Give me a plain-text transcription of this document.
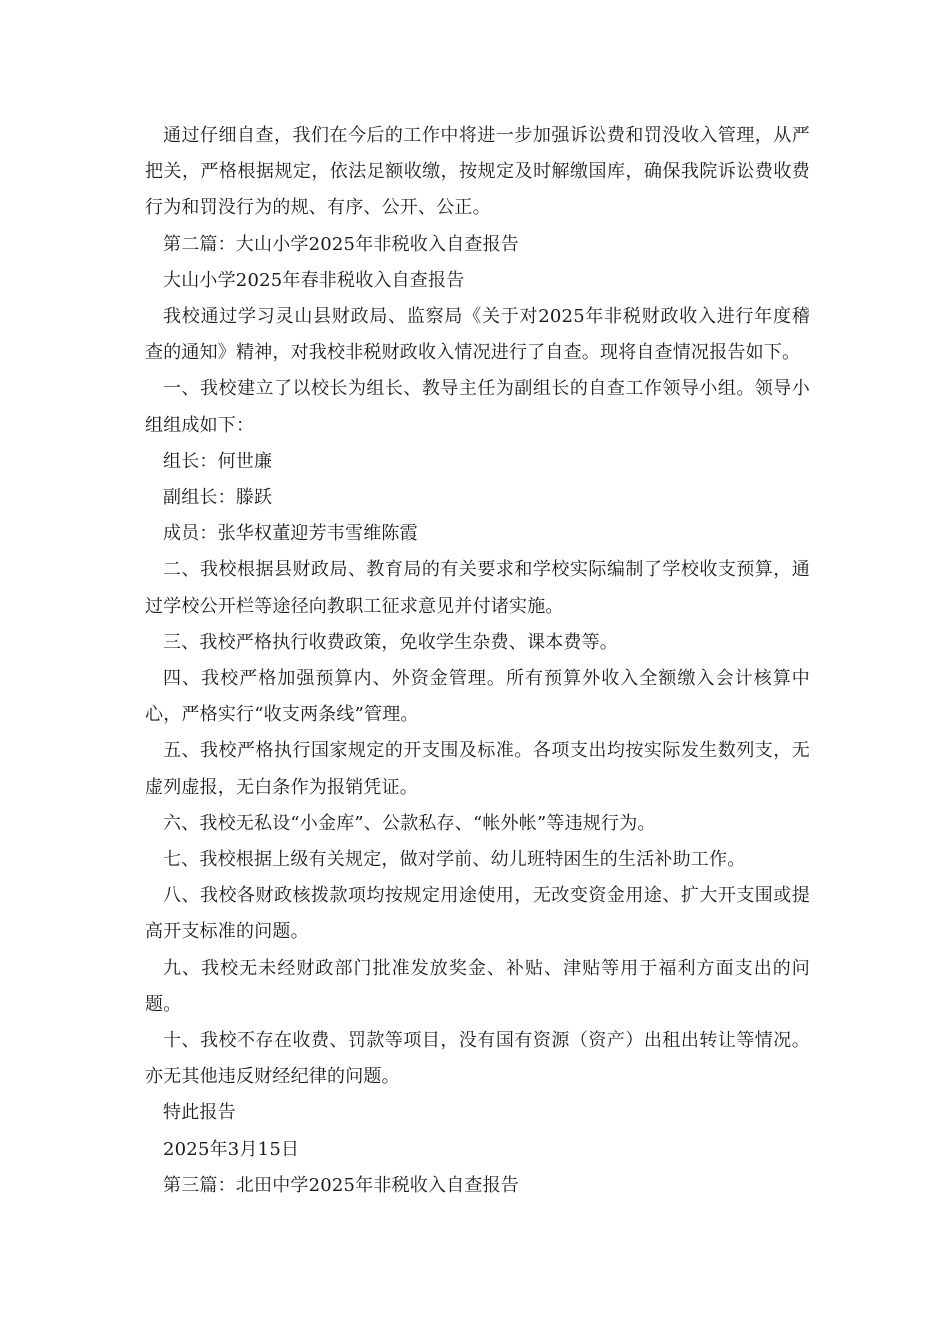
通过仔细自查，我们在今后的工作中将进一步加强诉讼费和罚没收入管理，从严把关，严格根据规定，依法足额收缴，按规定及时解缴国库，确保我院诉讼费收费行为和罚没行为的规、有序、公开、公正。

第二篇：大山小学2025年非税收入自查报告

大山小学2025年春非税收入自查报告

我校通过学习灵山县财政局、监察局《关于对2025年非税财政收入进行年度稽查的通知》精神，对我校非税财政收入情况进行了自查。现将自查情况报告如下。

一、我校建立了以校长为组长、教导主任为副组长的自查工作领导小组。领导小组组成如下：

组长：何世廉

副组长：滕跃

成员：张华权董迎芳韦雪维陈霞

二、我校根据县财政局、教育局的有关要求和学校实际编制了学校收支预算，通过学校公开栏等途径向教职工征求意见并付诸实施。

三、我校严格执行收费政策，免收学生杂费、课本费等。

四、我校严格加强预算内、外资金管理。所有预算外收入全额缴入会计核算中心，严格实行“收支两条线”管理。

五、我校严格执行国家规定的开支围及标准。各项支出均按实际发生数列支，无虚列虚报，无白条作为报销凭证。

六、我校无私设“小金库”、公款私存、“帐外帐”等违规行为。

七、我校根据上级有关规定，做对学前、幼儿班特困生的生活补助工作。

八、我校各财政核拨款项均按规定用途使用，无改变资金用途、扩大开支围或提高开支标准的问题。

九、我校无未经财政部门批准发放奖金、补贴、津贴等用于福利方面支出的问题。

十、我校不存在收费、罚款等项目，没有国有资源（资产）出租出转让等情况。亦无其他违反财经纪律的问题。

特此报告

2025年3月15日

第三篇：北田中学2025年非税收入自查报告
